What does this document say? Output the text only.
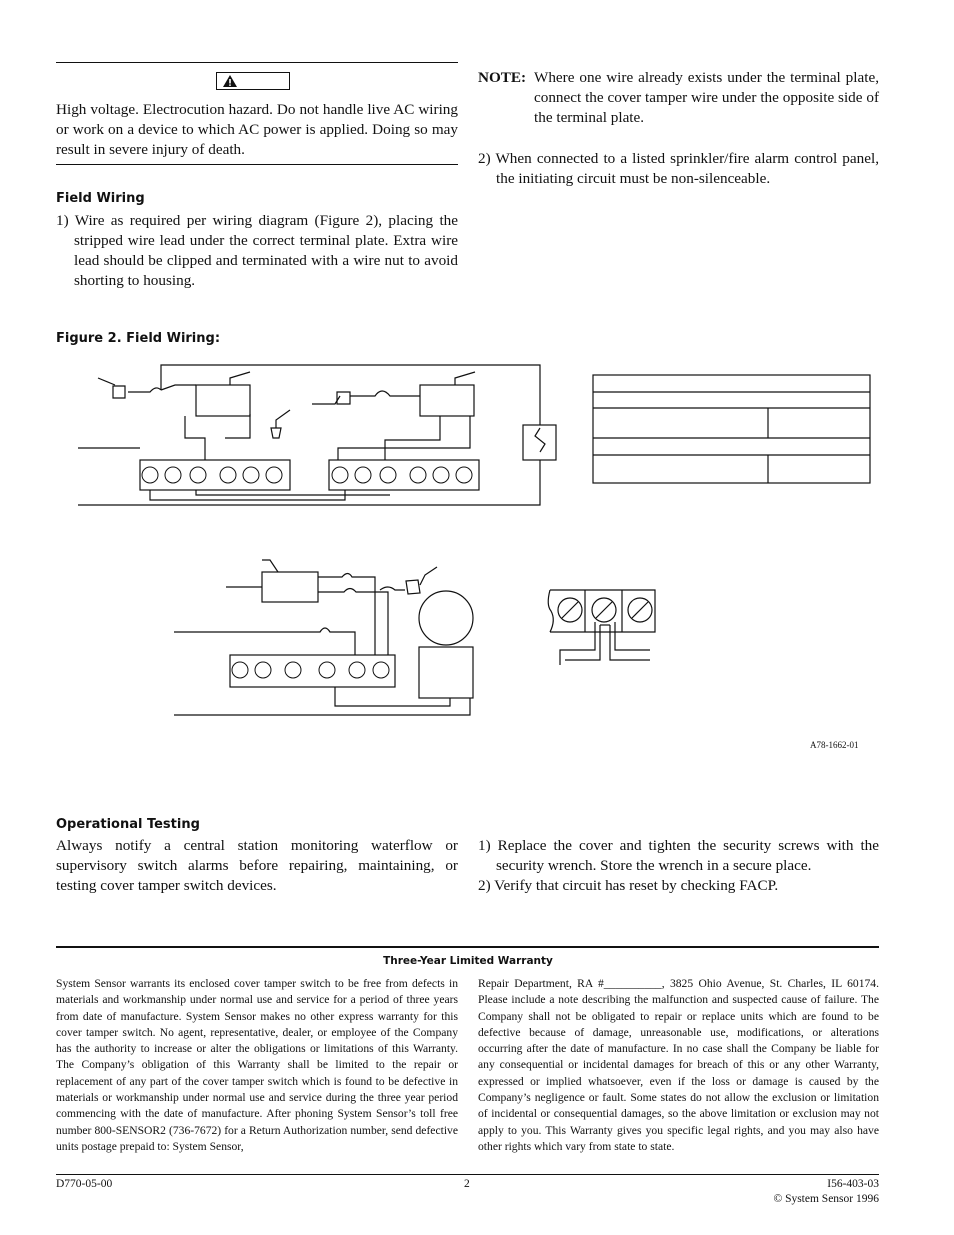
High voltage. Electrocution hazard. Do not handle live AC wiring or work on a device to which AC power is applied. Doing so may result in severe injury of death.
Field Wiring
1) Wire as required per wiring diagram (Figure 2), placing the stripped wire lead under the correct terminal plate. Extra wire lead should be clipped and terminated with a wire nut to avoid shorting to housing.
NOTE: Where one wire already exists under the terminal plate, connect the cover tamper wire under the opposite side of the terminal plate.
2) When connected to a listed sprinkler/fire alarm control panel, the initiating circuit must be non-silenceable.
Figure 2. Field Wiring:
A78-1662-01
Operational Testing
Always notify a central station monitoring waterflow or supervisory switch alarms before repairing, maintaining, or testing cover tamper switch devices.
1) Replace the cover and tighten the security screws with the security wrench. Store the wrench in a secure place.
2) Verify that circuit has reset by checking FACP.
Three-Year Limited Warranty
System Sensor warrants its enclosed cover tamper switch to be free from defects in materials and workmanship under normal use and service for a period of three years from date of manufacture. System Sensor makes no other express warranty for this cover tamper switch. No agent, representative, dealer, or employee of the Company has the authority to increase or alter the obligations or limitations of this Warranty. The Company’s obligation of this Warranty shall be limited to the repair or replacement of any part of the cover tamper switch which is found to be defective in materials or workmanship under normal use and service during the three year period commencing with the date of manufacture. After phoning System Sensor’s toll free number 800-SENSOR2 (736-7672) for a Return Authorization number, send defective units postage prepaid to: System Sensor,
Repair Department, RA #__________, 3825 Ohio Avenue, St. Charles, IL 60174. Please include a note describing the malfunction and suspected cause of failure. The Company shall not be obligated to repair or replace units which are found to be defective because of damage, unreasonable use, modifications, or alterations occurring after the date of manufacture. In no case shall the Company be liable for any consequential or incidental damages for breach of this or any other Warranty, expressed or implied whatsoever, even if the loss or damage is caused by the Company’s negligence or fault. Some states do not allow the exclusion or limitation of incidental or consequential damages, so the above limitation or exclusion may not apply to you. This Warranty gives you specific legal rights, and you may also have other rights which vary from state to state.
D770-05-00	2	I56-403-03
© System Sensor 1996
